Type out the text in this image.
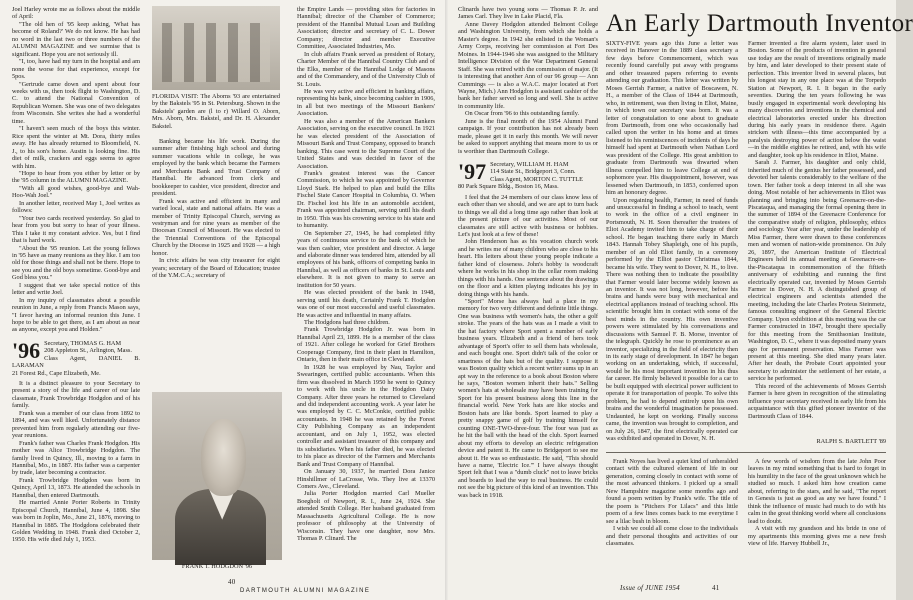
Joel Harley wrote me as follows about the middle of April:

"The old hen of '95 keep asking, 'What has become of Roland?' We do not know. He has had no word in the last two or three numbers of the ALUMNI MAGAZINE and we surmise that is significant. Hope you are not seriously ill.

"I, too, have had my turn in the hospital and am none the worse for that experience, except for 5pos.

"Gertrude came down and spent about four weeks with us, then took flight to Washington, D. C. to attend the National Convention of Republican Women. She was one of two delegates from Wisconsin. She writes she had a wonderful time.

"I haven't seen much of the boys this winter. Rice spent the winter at Mt. Dora, thirty miles away. He has already returned to Bloomfield, N. J., to his son's home. Austin is looking fine. His diet of milk, crackers and eggs seems to agree with him.

"Hope to hear from you either by letter or by the '95 column in the ALUMNI MAGAZINE.

"With all good wishes, good-bye and Wah-Hoo-Wah Joel."

In another letter, received May 1, Joel writes as follows:

"Your two cards received yesterday. So glad to hear from you but sorry to hear of your illness. This I take it my constant advice. Yes, but I find that is hard work.

"About the '95 reunion. Let the young fellows in '95 have as many reunions as they like. I am too old for those things and shall not be there. Hope to see you and the old boys sometime. Good-bye and God bless you."

I suggest that we take special notice of this letter and write Joel.

In my inquiry of classmates about a possible reunion in June, a reply from Francis Mason says, "I favor having an informal reunion this June. I hope to be able to get there, as I am about as near as anyone, except you and Holden."

'96 Secretary, THOMAS G. HAM
208 Appleton St., Arlington, Mass.
Class Agent, DANIEL B. LARAMAN
21 Forest Rd., Cape Elizabeth, Me.

It is a distinct pleasure to your Secretary to present a story of the life and career of our late classmate, Frank Trowbridge Hodgdon and of his family.

Frank was a member of our class from 1892 to 1894, and was well liked. Unfortunately distance prevented him from regularly attending our five-year reunions.

Frank's father was Charles Frank Hodgdon. His mother was Alice Trowbridge Hodgdon. The family lived in Quincy, Ill., moving to a farm in Hannibal, Mo., in 1887. His father was a carpenter by trade, later becoming a contractor.

Frank Trowbridge Hodgdon was born in Quincy, April 13, 1873. He attended the schools in Hannibal, then entered Dartmouth.

He married Annie Porter Roberts in Trinity Episcopal Church, Hannibal, June 4, 1898. She was born in Joplin, Mo., June 21, 1876, moving to Hannibal in 1885. The Hodgdons celebrated their Golden Wedding in 1948. Frank died October 2, 1950. His wife died July 1, 1953.

FLORIDA VISIT: The Aborns '93 are entertained by the Bakstels '95 in St. Petersburg. Shown in the Bakstels' garden are (l to r) Willard O. Aborn, Mrs. Aborn, Mrs. Bakstel, and Dr. H. Alexander Bakstel.

Banking became his life work. During the summer after finishing high school and during summer vacations while in college, he was employed by the bank which became the Farmers and Merchants Bank and Trust Company of Hannibal. He advanced from clerk and bookkeeper to cashier, vice president, director and president.

Frank was active and efficient in many and varied local, state and national affairs. He was a member of Trinity Episcopal Church, serving as vestryman and for nine years as member of the Diocesan Council of Missouri. He was elected to the Triennial Conventions of the Episcopal Church by the Diocese in 1925 and 1928 — a high honor.

In civic affairs he was city treasurer for eight years; secretary of the Board of Education; trustee of the Y.M.C.A.; secretary of

FRANK T. HODGDON '96

the Empire Lands — providing sites for factories in Hannibal; director of the Chamber of Commerce; president of the Hannibal Mutual Loan and Building Association; director and secretary of C. L. Dower Company; director and member Executive Committee, Associated Industries, Mo.

In club affairs Frank served as president of Rotary, Charter Member of the Hannibal Country Club and of the Elks, member of the Hannibal Lodge of Masons and of the Commandery, and of the University Club of St. Louis.

He was very active and efficient in banking affairs, representing his bank, since becoming cashier in 1906, in all but two meetings of the Missouri Bankers' Association.

He was also a member of the American Bankers Association, serving on the executive council. In 1921 he was elected president of the Association of Missouri Bank and Trust Company, opposed to branch banking. This case went to the Supreme Court of the United States and was decided in favor of the Association.

Frank's greatest interest was the Cancer Commission, to which he was appointed by Governor Lloyd Stark. He helped to plan and build the Ellis Fischel State Cancer Hospital in Columbia, O. When Dr. Fischel lost his life in an automobile accident, Frank was appointed chairman, serving until his death in 1950. This was his crowning service to his state and to humanity.

On September 27, 1945, he had completed fifty years of continuous service to the bank of which he was then cashier, vice president and director. A large and elaborate dinner was tendered him, attended by all employees of his bank, officers of competing banks in Hannibal, as well as officers of banks in St. Louis and elsewhere. It is not given to many to serve an institution for 50 years.

He was elected president of the bank in 1948, serving until his death, Certainly Frank T. Hodgdon was one of our most successful and useful classmates. He was active and influential in many affairs.

The Hodgdons had three children.

Frank Trowbridge Hodgdon Jr. was born in Hannibal April 23, 1899. He is a member of the class of 1921. After college he worked for Grief Brothers Cooperage Company, first in their plant in Hamilton, Ontario, then in their main office in Cleveland.

In 1928 he was employed by Nau, Taylor and Swearingen, certified public accountants. When this firm was dissolved in March 1950 he went to Quincy to work with his uncle in the Hodgdon Dairy Company. After three years he returned to Cleveland and did independent accounting work. A year later he was employed by C. C. McConkie, certified public accountants. In 1948 he was retained by the Forest City Publishing Company as an independent accountant, and on July 1, 1952, was elected controller and assistant treasurer of this company and its subsidiaries. When his father died, he was elected to his place as director of the Farmers and Merchants Bank and Trust Company of Hannibal.

On January 30, 1937, he married Dora Janice Hinshillmer of LaCrosse, Wis. They live at 13370 Comers Ave., Cleveland.

Julia Porter Hodgdon married Carl Mueller Boegholt of Newport, R. I., June 24, 1924. She attended Smith College. Her husband graduated from Massachusetts Agricultural College. He is now professor of philosophy at the University of Wisconsin. They have one daughter, now Mrs. Thomas P. Clinard. The

40
DARTMOUTH ALUMNI MAGAZINE

Clinards have two young sons — Thomas P. Jr. and James Carl. They live in Lake Placid, Fla.

Anne Davey Hodgdon attended Belmont College and Washington University, from which she holds a Master's degree. In 1942 she enlisted in the Woman's Army Corps, receiving her commission at Fort Des Moines. In 1944-1946 she was assigned to the Military Intelligence Division of the War Department General Staff. She was retired with the commission of major. (It is interesting that another Ann of our 96 group — Ann Cummings — is also a W.A.C. major located at Fort Wayne, Mich.) Ann Hodgdon is assistant cashier of the bank her father served so long and well. She is active in community life.

On Oscar from '96 to this outstanding family.

June is the final month of the 1954 Alumni Fund campaign. If your contribution has not already been made, please get it in early this month. We will never be asked to support anything that means more to us or is worthier than Dartmouth College.

'97 Secretary, WILLIAM H. HAM
114 State St., Bridgeport 3, Conn.
Class Agent, MORTON C. TUTTLE
80 Park Square Bldg., Boston 16, Mass.

I feel that the 24 members of our class know less of each other than we should, and we are apt to turn back to things we all did a long time ago rather than look at the present picture of our activities. Most of our classmates are still active with business or hobbies. Let's just look at a few of these!

John Henderson has as his vocation church work and he writes me of many children who are close to his heart. His letters about these young people indicate a father kind of closeness. John's hobby is woodcraft where he works in his shop in the cellar room making things with his hands. One sentence about the drawings on the floor and a kitten playing indicates his joy in doing things with his hands.

"Sport" Morse has always had a place in my memory for two very different and definite little things. One was business with women's hats, the other a golf stroke. The years of the hats was as I made a visit to the hat factory where Sport spent a number of early business years. Elizabeth and a friend of hers took advantage of Sport's offer to sell them hats wholesale, and each bought one. Sport didn't talk of the color or smartness of the hats but of the quality. I suppose it was Boston quality which a recent writer sums up in an apt way in the reference to a book about Boston where he says, "Boston women inherit their hats." Selling women's hats at wholesale may have been training for Sport for his present business along this line in the financial world. New York hats are like stocks and Boston hats are like bonds. Sport learned to play a pretty snappy game of golf by training himself for counting ONE-TWO-three-four. The four was just as he hit the ball with the head of the club. Sport learned about my efforts to develop an electric refrigeration device and patent it. He came to Bridgeport to see me about it. He was so enthusiastic. He said, "This should have a name, 'Electric Ice.'" I have always thought Sport felt that I was a "dumb cluck" not to leave bricks and boards to lead the way to real business. He could not see the big picture of this kind of an invention. This was back in 1918.

An Early Dartmouth Inventor

SIXTY-FIVE years ago this June a letter was received in Hanover in the 1889 class secretary a few days before Commencement, which was recently found carefully put away with programs and other treasured papers referring to events attending our graduation. This letter was written by Moses Gerrish Farmer, a native of Boscawen, N. H., a member of the Class of 1844 at Dartmouth, who, in retirement, was then living in Eliot, Maine, in which town our secretary was born. It was a letter of congratulation to one about to graduate from Dartmouth, from one who occasionally had called upon the writer in his home and at times listened to his reminiscences of incidents of days he himself had spent at Dartmouth when Nathan Lord was president of the College. His great ambition to graduate from Dartmouth was thwarted when illness compelled him to leave College at end of sophomore year. His disappointment, however, was lessened when Dartmouth, in 1853, conferred upon him an honorary degree.

Upon regaining health, Farmer, in need of funds and unsuccessful in finding a school to teach, went to work in the office of a civil engineer in Portsmouth, N. H. Soon thereafter the trustees of Eliot Academy invited him to take charge of their school. He began teaching there early in March 1843. Hannah Tobey Shapleigh, one of his pupils, member of an old Eliot family, in a ceremony performed by the Elliot pastor Christmas 1844, became his wife. They went to Dover, N. H., to live. There was nothing then to indicate the possibility that Farmer would later become widely known as an inventor. It was not long, however, before his brains and hands were busy with mechanical and electrical appliances instead of teaching school. His scientific brought him in contact with some of the best minds in the country. His own inventive powers were stimulated by his conversations and discussions with Samuel F. B. Morse, inventor of the telegraph. Quickly he rose to prominence as an inventor, specializing in the field of electricity then in its early stage of development. In 1847 he began working on an undertaking, which, if successful, would be his most important invention in his thus far career. He firmly believed it possible for a car to be built equipped with electrical power sufficient to operate it for transportation of people. To solve this problem, he had to depend entirely upon his own brains and the wonderful imagination he possessed. Undaunted, he kept on working. Finally success came, the invention was brought to completion, and on July 26, 1847, the first electrically operated car was exhibited and operated in Dover, N. H.

Farmer invented a fire alarm system, later used in Boston. Some of the products of invention in general use today are the result of inventions originally made by him, and later developed to their present state of perfection. This inventor lived in several places, but his longest stay in any one place was at the Torpedo Station at Newport, R. I. It began in the early seventies. During the ten years following he was busily engaged in experimental work developing his many discoveries and inventions in the chemical and electrical laboratories erected under his direction during his early years in residence there. Again stricken with illness—this time accompanied by a paralysis destroying power of action below the waist—in the middle eighties he retired, and, with his wife and daughter, took up his residence in Eliot, Maine.

Sarah J. Farmer, his daughter and only child, inherited much of the genius her father possessed, and devoted her talents considerably to the welfare of the town. Her father took a deep interest in all she was doing. Most notable of her achievements in Eliot was planning and bringing into being Greenacre-on-the-Piscataqua, and managing the formal opening there in the summer of 1894 of the Greenacre Conference for the comparative study of religion, philosophy, ethics and sociology. Year after year, under the leadership of Miss Farmer, there were drawn to these conferences men and women of nation-wide prominence. On July 26, 1897, the American Institute of Electrical Engineers held its annual meeting at Greenacre-on-the-Piscataqua in commemoration of the fiftieth anniversary of exhibiting and running the first electrically operated car, invented by Moses Gerrish Farmer in Dover, N. H. A distinguished group of electrical engineers and scientists attended the meeting, including the late Charles Proteus Steinmetz, famous consulting engineer of the General Electric Company. Upon exhibition at this meeting was the car Farmer constructed in 1847, brought there specially for this meeting from the Smithsonian Institute, Washington, D. C., where it was deposited many years ago for permanent preservation. Miss Farmer was present at this meeting. She died many years later. After her death, the Probate Court appointed your secretary to administer the settlement of her estate, a service he performed.

This record of the achievements of Moses Gerrish Farmer is here given in recognition of the stimulating influence your secretary received in early life from his acquaintance with this gifted pioneer inventor of the Dartmouth Class of 1844.

RALPH S. BARTLETT '89

Frank Noyes has lived a quiet kind of unheralded contact with the cultured element of life in our generation, coming closely in contact with some of the most advanced thinkers. I picked up a small New Hampshire magazine some months ago and found a poem written by Frank's wife. The title of the poem is "Pitchers For Lilacs" and this little poem of a few lines comes back to me everytime I see a lilac bush in bloom.

I wish we could all come close to the individuals and their personal thoughts and activities of our classmates.

A few words of wisdom from the late John Poor leaves in my mind something that is hard to forget in his humility in the face of the great unknown which he studied so much. I asked him how creation came about, referring to the stars, and he said, "The report in Genesis is just as good as any we have found." I think the influence of music had much to do with his calm in the great thinking world where all conclusions lead to doubt.

A visit with my grandson and his bride in one of my apartments this morning gives me a new fresh view of life. Harvey Hubbell Jr.,

Issue of JUNE 1954	41
